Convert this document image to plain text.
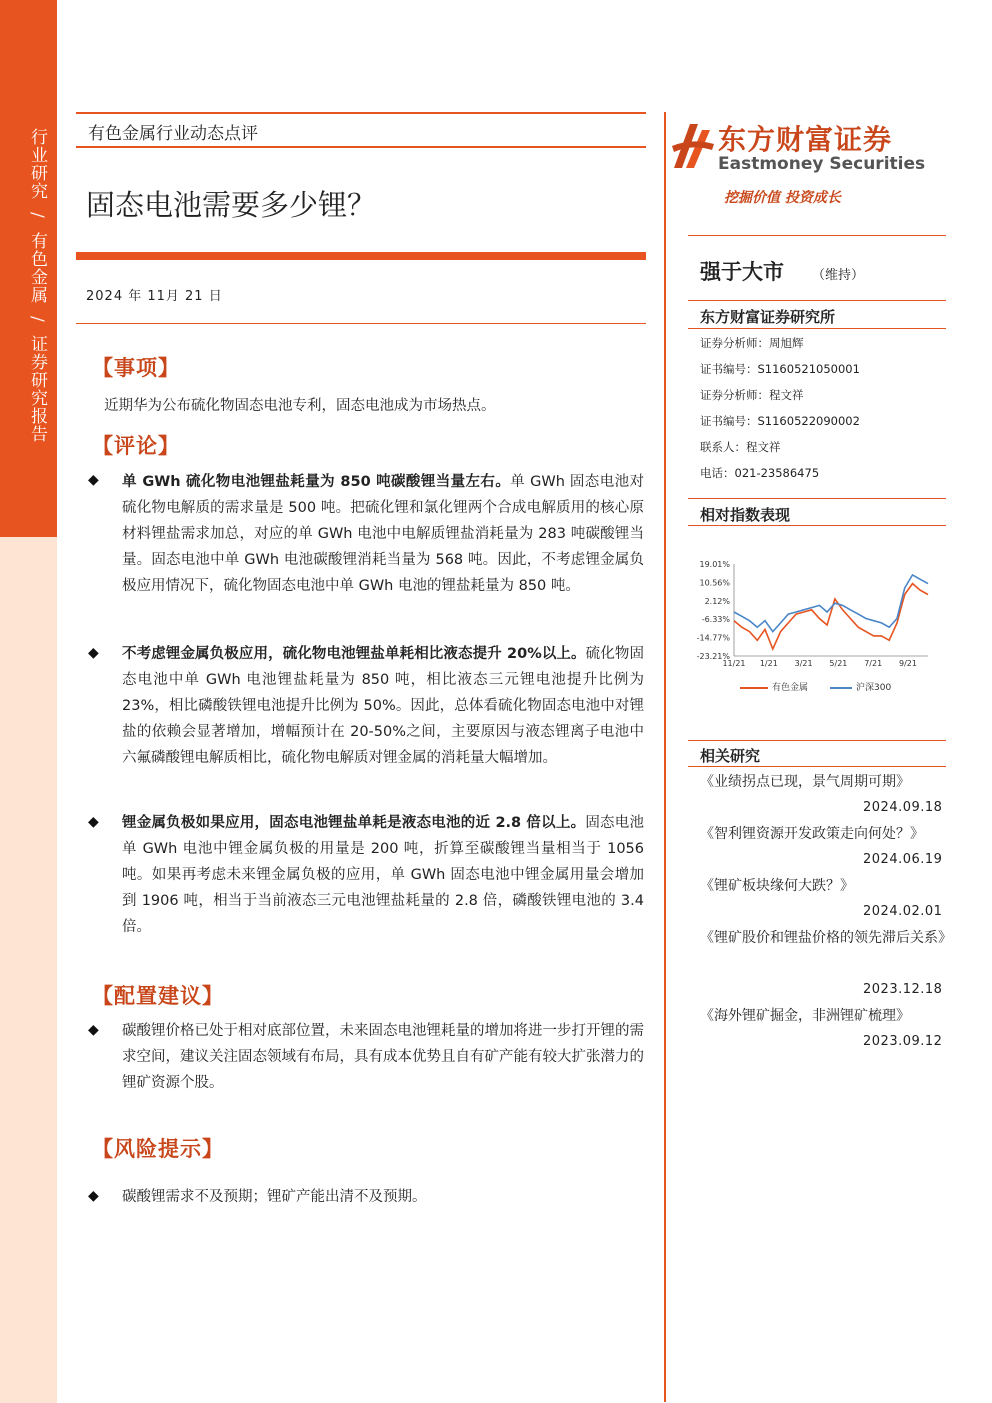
行业研究 / 有色金属 / 证券研究报告
有色金属行业动态点评
固态电池需要多少锂？
2024 年 11月 21 日
【事项】
近期华为公布硫化物固态电池专利，固态电池成为市场热点。
【评论】
◆ 单 GWh 硫化物电池锂盐耗量为 850 吨碳酸锂当量左右。单 GWh 固态电池对硫化物电解质的需求量是 500 吨。把硫化锂和氯化锂两个合成电解质用的核心原材料锂盐需求加总，对应的单 GWh 电池中电解质锂盐消耗量为 283 吨碳酸锂当量。固态电池中单 GWh 电池碳酸锂消耗当量为 568 吨。因此，不考虑锂金属负极应用情况下，硫化物固态电池中单 GWh 电池的锂盐耗量为 850 吨。
◆ 不考虑锂金属负极应用，硫化物电池锂盐单耗相比液态提升 20%以上。硫化物固态电池中单 GWh 电池锂盐耗量为 850 吨，相比液态三元锂电池提升比例为 23%，相比磷酸铁锂电池提升比例为 50%。因此，总体看硫化物固态电池中对锂盐的依赖会显著增加，增幅预计在 20-50%之间，主要原因与液态锂离子电池中六氟磷酸锂电解质相比，硫化物电解质对锂金属的消耗量大幅增加。
◆ 锂金属负极如果应用，固态电池锂盐单耗是液态电池的近 2.8 倍以上。固态电池单 GWh 电池中锂金属负极的用量是 200 吨，折算至碳酸锂当量相当于 1056 吨。如果再考虑未来锂金属负极的应用，单 GWh 固态电池中锂金属用量会增加到 1906 吨，相当于当前液态三元电池锂盐耗量的 2.8 倍，磷酸铁锂电池的 3.4 倍。
【配置建议】
◆ 碳酸锂价格已处于相对底部位置，未来固态电池锂耗量的增加将进一步打开锂的需求空间，建议关注固态领域有布局，具有成本优势且自有矿产能有较大扩张潜力的锂矿资源个股。
【风险提示】
◆ 碳酸锂需求不及预期；锂矿产能出清不及预期。
东方财富证券
Eastmoney Securities
挖掘价值 投资成长
强于大市 （维持）
东方财富证券研究所
证券分析师：周旭辉
证书编号：S1160521050001
证券分析师：程文祥
证书编号：S1160522090002
联系人：程文祥
电话：021-23586475
相对指数表现
19.01%
10.56%
2.12%
-6.33%
-14.77%
-23.21%
11/21 1/21 3/21 5/21 7/21 9/21
有色金属	沪深300
相关研究
《业绩拐点已现，景气周期可期》
2024.09.18
《智利锂资源开发政策走向何处？》
2024.06.19
《锂矿板块缘何大跌？》
2024.02.01
《锂矿股价和锂盐价格的领先滞后关系》
2023.12.18
《海外锂矿掘金，非洲锂矿梳理》
2023.09.12
